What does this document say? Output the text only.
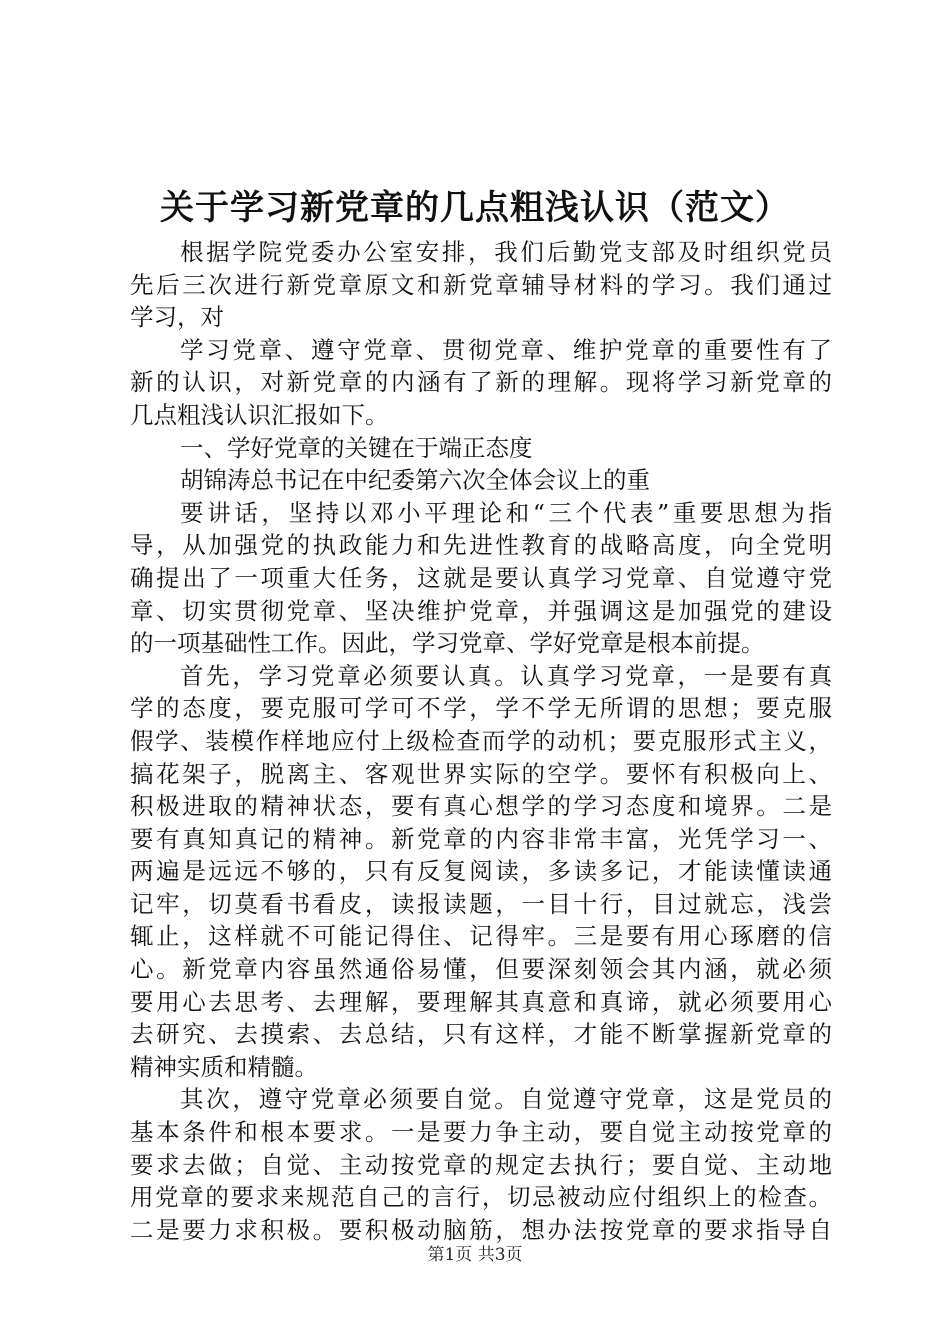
关于学习新党章的几点粗浅认识（范文）
根据学院党委办公室安排，我们后勤党支部及时组织党员
先后三次进行新党章原文和新党章辅导材料的学习。我们通过
学习，对
学习党章、遵守党章、贯彻党章、维护党章的重要性有了
新的认识，对新党章的内涵有了新的理解。现将学习新党章的
几点粗浅认识汇报如下。
一、学好党章的关键在于端正态度
胡锦涛总书记在中纪委第六次全体会议上的重
要讲话，坚持以邓小平理论和“三个代表”重要思想为指
导，从加强党的执政能力和先进性教育的战略高度，向全党明
确提出了一项重大任务，这就是要认真学习党章、自觉遵守党
章、切实贯彻党章、坚决维护党章，并强调这是加强党的建设
的一项基础性工作。因此，学习党章、学好党章是根本前提。
首先，学习党章必须要认真。认真学习党章，一是要有真
学的态度，要克服可学可不学，学不学无所谓的思想；要克服
假学、装模作样地应付上级检查而学的动机；要克服形式主义，
搞花架子，脱离主、客观世界实际的空学。要怀有积极向上、
积极进取的精神状态，要有真心想学的学习态度和境界。二是
要有真知真记的精神。新党章的内容非常丰富，光凭学习一、
两遍是远远不够的，只有反复阅读，多读多记，才能读懂读通
记牢，切莫看书看皮，读报读题，一目十行，目过就忘，浅尝
辄止，这样就不可能记得住、记得牢。三是要有用心琢磨的信
心。新党章内容虽然通俗易懂，但要深刻领会其内涵，就必须
要用心去思考、去理解，要理解其真意和真谛，就必须要用心
去研究、去摸索、去总结，只有这样，才能不断掌握新党章的
精神实质和精髓。
其次，遵守党章必须要自觉。自觉遵守党章，这是党员的
基本条件和根本要求。一是要力争主动，要自觉主动按党章的
要求去做；自觉、主动按党章的规定去执行；要自觉、主动地
用党章的要求来规范自己的言行，切忌被动应付组织上的检查。
二是要力求积极。要积极动脑筋，想办法按党章的要求指导自
第1页 共3页
